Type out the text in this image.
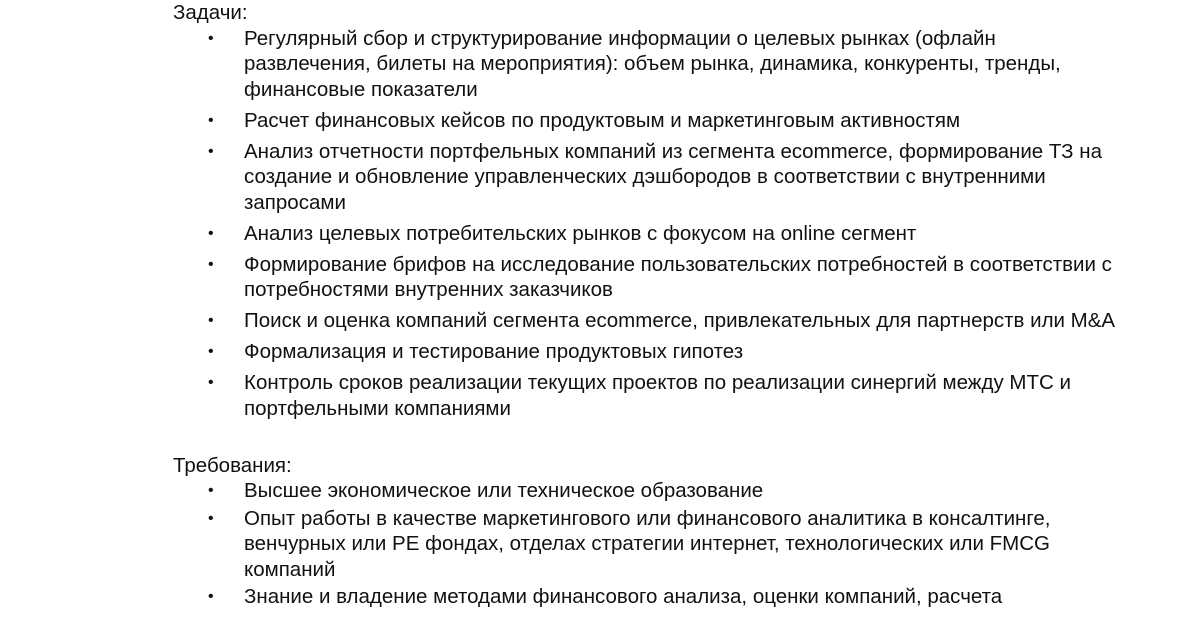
Задачи:

• Регулярный сбор и структурирование информации о целевых рынках (офлайн развлечения, билеты на мероприятия): объем рынка, динамика, конкуренты, тренды, финансовые показатели
• Расчет финансовых кейсов по продуктовым и маркетинговым активностям
• Анализ отчетности портфельных компаний из сегмента ecommerce, формирование ТЗ на создание и обновление управленческих дэшбородов в соответствии с внутренними запросами
• Анализ целевых потребительских рынков с фокусом на online сегмент
• Формирование брифов на исследование пользовательских потребностей в соответствии с потребностями внутренних заказчиков
• Поиск и оценка компаний сегмента ecommerce, привлекательных для партнерств или M&A
• Формализация и тестирование продуктовых гипотез
• Контроль сроков реализации текущих проектов по реализации синергий между МТС и портфельными компаниями

Требования:

• Высшее экономическое или техническое образование
• Опыт работы в качестве маркетингового или финансового аналитика в консалтинге, венчурных или PE фондах, отделах стратегии интернет, технологических или FMCG компаний
• Знание и владение методами финансового анализа, оценки компаний, расчета
